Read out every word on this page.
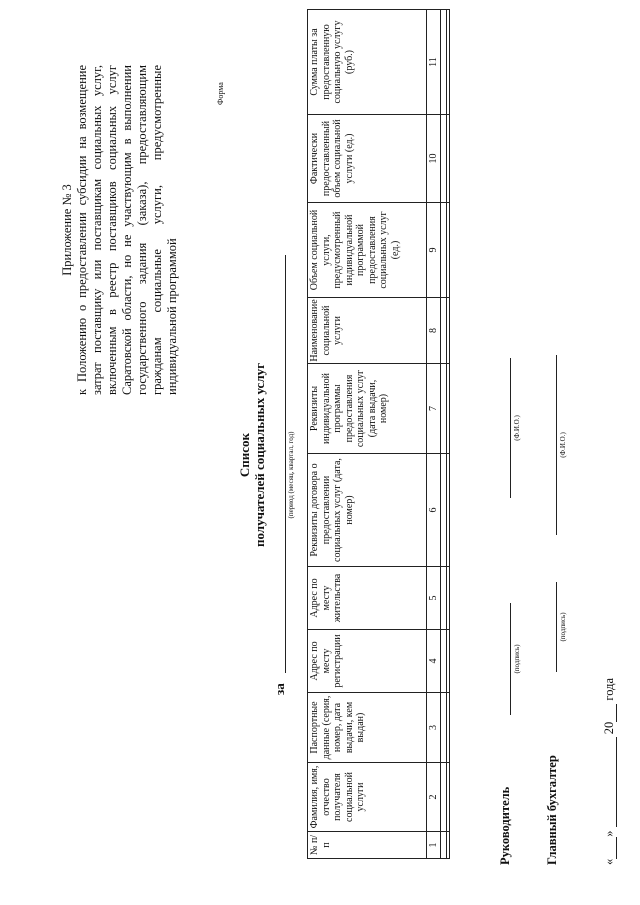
Приложение № 3 к Положению о предоставлении субсидии на возмещение затрат поставщику или поставщикам социальных услуг, включенным в реестр поставщиков социальных услуг Саратовской области, но не участвующим в выполнении государственного задания (заказа), предоставляющим гражданам социальные услуги, предусмотренные индивидуальной программой
Форма
Список получателей социальных услуг
за
(период (месяц, квартал, год)
№ п/п	Фамилия, имя, отчество получателя социальной услуги	Паспортные данные (серия, номер, дата выдачи, кем выдан)	Адрес по месту регистрации	Адрес по месту жительства	Реквизиты договора о предоставлении социальных услуг (дата, номер)	Реквизиты индивидуальной программы предоставления социальных услуг (дата выдачи, номер)	Наименование социальной услуги	Объем социальной услуги, предусмотренный индивидуальной программой предоставления социальных услуг (ед.)	Фактически предоставленный объем социальной услуги (ед.)	Сумма платы за предоставленную социальную услугу (руб.)
1	2	3	4	5	6	7	8	9	10	11

Руководитель
(подпись)
(Ф.И.О.)
Главный бухгалтер
(подпись)
(Ф.И.О.)
«»  20 года
